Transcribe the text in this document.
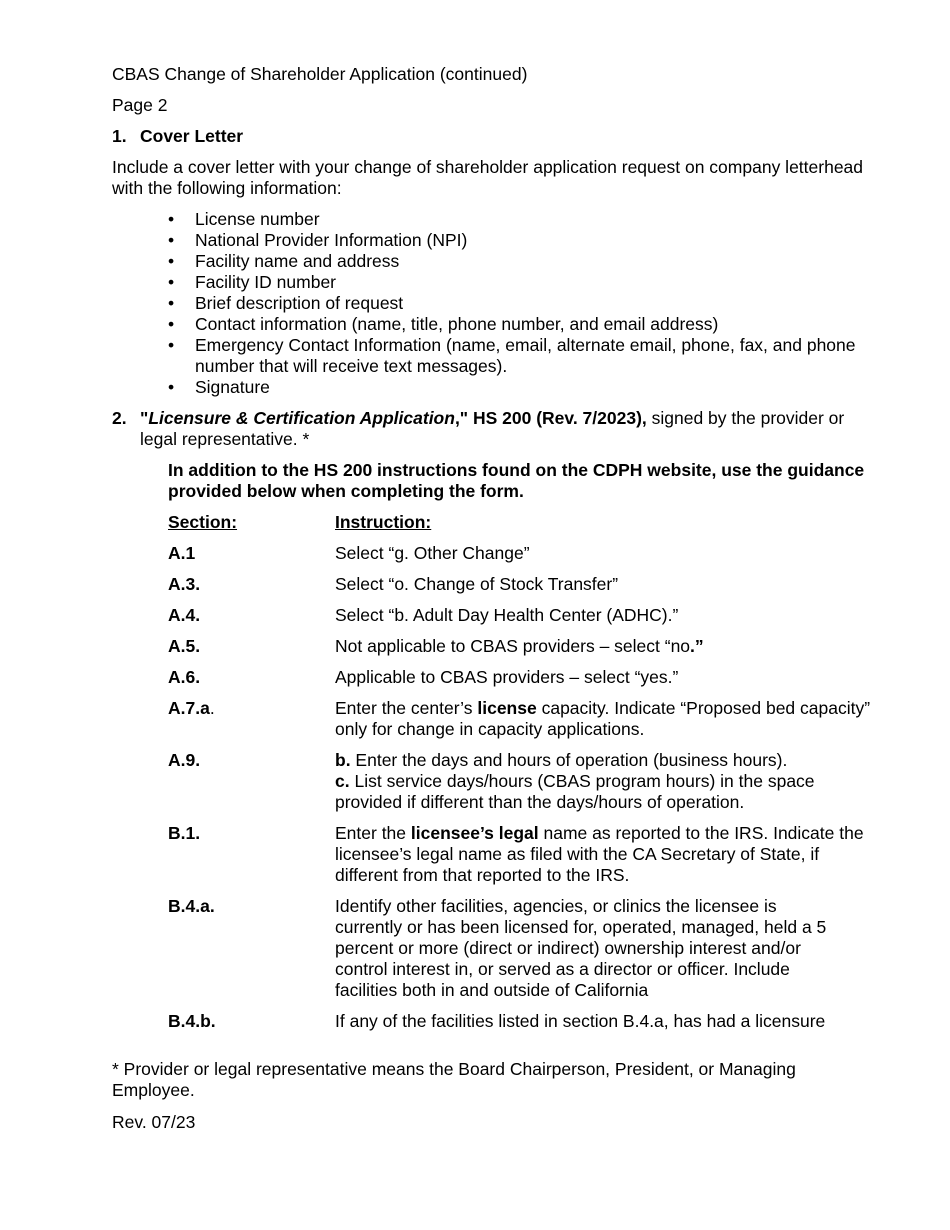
CBAS Change of Shareholder Application (continued)

Page 2

1. Cover Letter

Include a cover letter with your change of shareholder application request on company letterhead with the following information:

• License number
• National Provider Information (NPI)
• Facility name and address
• Facility ID number
• Brief description of request
• Contact information (name, title, phone number, and email address)
• Emergency Contact Information (name, email, alternate email, phone, fax, and phone number that will receive text messages).
• Signature

2. "Licensure & Certification Application," HS 200 (Rev. 7/2023), signed by the provider or legal representative. *

In addition to the HS 200 instructions found on the CDPH website, use the guidance provided below when completing the form.

Section:	Instruction:
A.1	Select “g. Other Change”
A.3.	Select “o. Change of Stock Transfer”
A.4.	Select “b. Adult Day Health Center (ADHC).”
A.5.	Not applicable to CBAS providers – select “no.”
A.6.	Applicable to CBAS providers – select “yes.”
A.7.a.	Enter the center’s license capacity. Indicate “Proposed bed capacity” only for change in capacity applications.
A.9.	b. Enter the days and hours of operation (business hours).
c. List service days/hours (CBAS program hours) in the space provided if different than the days/hours of operation.
B.1.	Enter the licensee’s legal name as reported to the IRS. Indicate the licensee’s legal name as filed with the CA Secretary of State, if different from that reported to the IRS.
B.4.a.	Identify other facilities, agencies, or clinics the licensee is currently or has been licensed for, operated, managed, held a 5 percent or more (direct or indirect) ownership interest and/or control interest in, or served as a director or officer. Include facilities both in and outside of California
B.4.b.	If any of the facilities listed in section B.4.a, has had a licensure

* Provider or legal representative means the Board Chairperson, President, or Managing Employee.

Rev. 07/23
